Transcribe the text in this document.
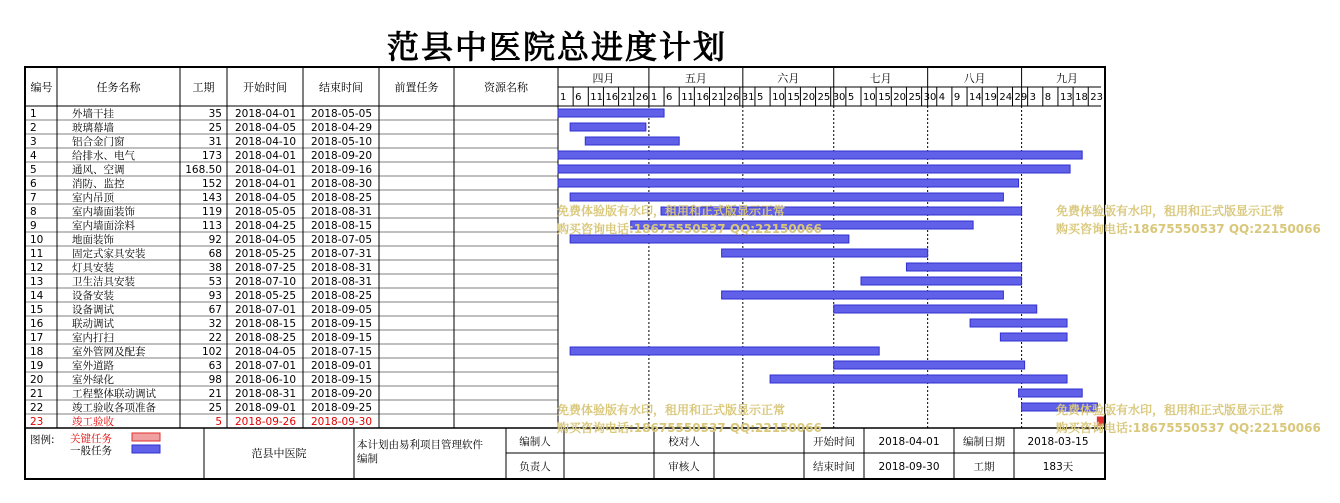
范县中医院总进度计划
编号	任务名称	工期	开始时间	结束时间	前置任务	资源名称
四月	五月	六月	七月	八月	九月
1 6 11 16 21 26 1 6 11 16 21 26 31 5 10 15 20 25 30 5 10 15 20 25 30 4 9 14 19 24 29 3 8 13 18 23
1	外墙干挂	35 2018-04-01 2018-05-05
2	玻璃幕墙	25 2018-04-05 2018-04-29
3	铝合金门窗	31 2018-04-10 2018-05-10
4	给排水、电气	173 2018-04-01 2018-09-20
5	通风、空调	168.50 2018-04-01 2018-09-16
6	消防、监控	152 2018-04-01 2018-08-30
7	室内吊顶	143 2018-04-05 2018-08-25
8	室内墙面装饰	119 2018-05-05 2018-08-31
9	室内墙面涂料	113 2018-04-25 2018-08-15
10	地面装饰	92 2018-04-05 2018-07-05
11	固定式家具安装	68 2018-05-25 2018-07-31
12	灯具安装	38 2018-07-25 2018-08-31
13	卫生洁具安装	53 2018-07-10 2018-08-31
14	设备安装	93 2018-05-25 2018-08-25
15	设备调试	67 2018-07-01 2018-09-05
16	联动调试	32 2018-08-15 2018-09-15
17	室内打扫	22 2018-08-25 2018-09-15
18	室外管网及配套	102 2018-04-05 2018-07-15
19	室外道路	63 2018-07-01 2018-09-01
20	室外绿化	98 2018-06-10 2018-09-15
21	工程整体联动调试	21 2018-08-31 2018-09-20
22	竣工验收各项准备	25 2018-09-01 2018-09-25
23	竣工验收	5 2018-09-26 2018-09-30
图例: 关键任务
一般任务	范县中医院
本计划由易利项目管理软件
编制
编制人	校对人	开始时间 2018-04-01 编制日期 2018-03-15
负责人	审核人	结束时间 2018-09-30	工期	183天
免费体验版有水印，租用和正式版显示正常
购买咨询电话:18675550537 QQ:22150066
免费体验版有水印，租用和正式版显示正常
购买咨询电话:18675550537 QQ:22150066
免费体验版有水印，租用和正式版显示正常
购买咨询电话:18675550537 QQ:22150066
免费体验版有水印，租用和正式版显示正常
购买咨询电话:18675550537 QQ:22150066
